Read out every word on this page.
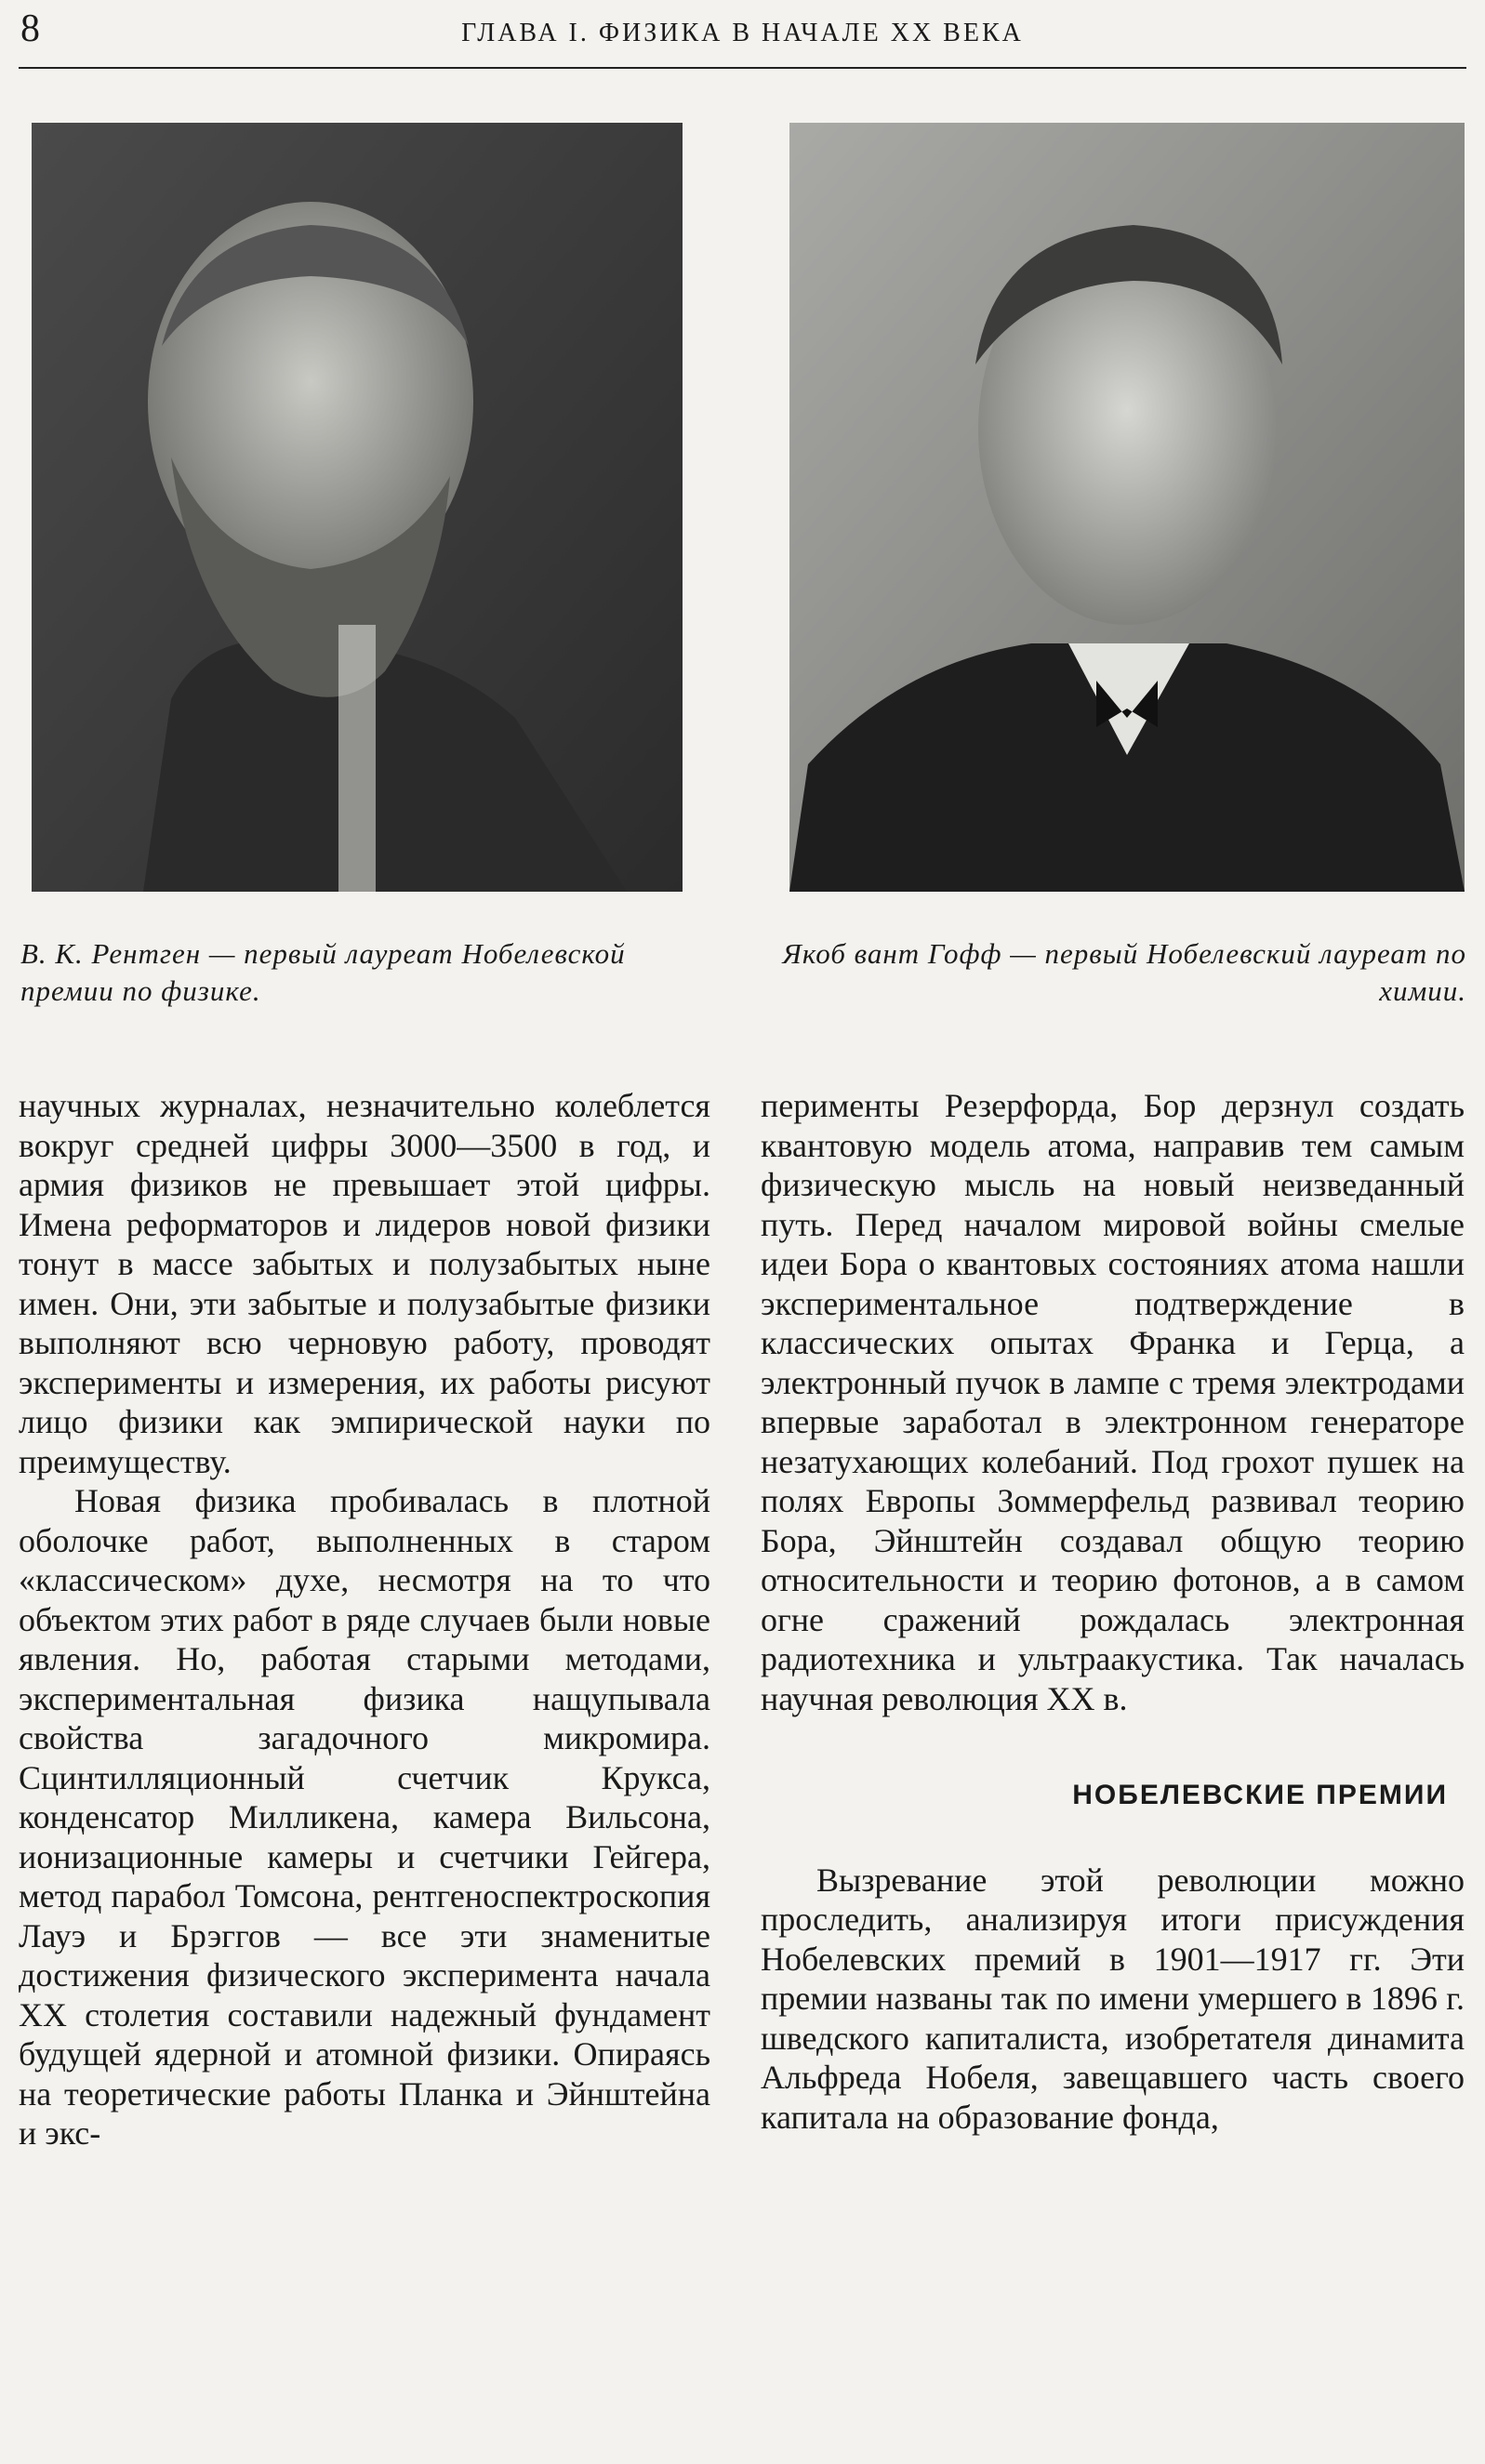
8	ГЛАВА I. ФИЗИКА В НАЧАЛЕ XX ВЕКА
В. К. Рентген — первый лауреат Нобелевской премии по физике.
Якоб вант Гофф — первый Нобелевский лауреат по химии.

научных журналах, незначительно колеблется вокруг средней цифры 3000—3500 в год, и армия физиков не превышает этой цифры. Имена реформаторов и лидеров новой физики тонут в массе забытых и полузабытых ныне имен. Они, эти забытые и полузабытые физики выполняют всю черновую работу, проводят эксперименты и измерения, их работы рисуют лицо физики как эмпирической науки по преимуществу.

Новая физика пробивалась в плотной оболочке работ, выполненных в старом «классическом» духе, несмотря на то что объектом этих работ в ряде случаев были новые явления. Но, работая старыми методами, экспериментальная физика нащупывала свойства загадочного микромира. Сцинтилляционный счетчик Крукса, конденсатор Милликена, камера Вильсона, ионизационные камеры и счетчики Гейгера, метод парабол Томсона, рентгеноспектроскопия Лауэ и Брэггов — все эти знаменитые достижения физического эксперимента начала XX столетия составили надежный фундамент будущей ядерной и атомной физики. Опираясь на теоретические работы Планка и Эйнштейна и экс-

перименты Резерфорда, Бор дерзнул создать квантовую модель атома, направив тем самым физическую мысль на новый неизведанный путь. Перед началом мировой войны смелые идеи Бора о квантовых состояниях атома нашли экспериментальное подтверждение в классических опытах Франка и Герца, а электронный пучок в лампе с тремя электродами впервые заработал в электронном генераторе незатухающих колебаний. Под грохот пушек на полях Европы Зоммерфельд развивал теорию Бора, Эйнштейн создавал общую теорию относительности и теорию фотонов, а в самом огне сражений рождалась электронная радиотехника и ультраакустика. Так началась научная революция XX в.

НОБЕЛЕВСКИЕ ПРЕМИИ

Вызревание этой революции можно проследить, анализируя итоги присуждения Нобелевских премий в 1901—1917 гг. Эти премии названы так по имени умершего в 1896 г. шведского капиталиста, изобретателя динамита Альфреда Нобеля, завещавшего часть своего капитала на образование фонда,
